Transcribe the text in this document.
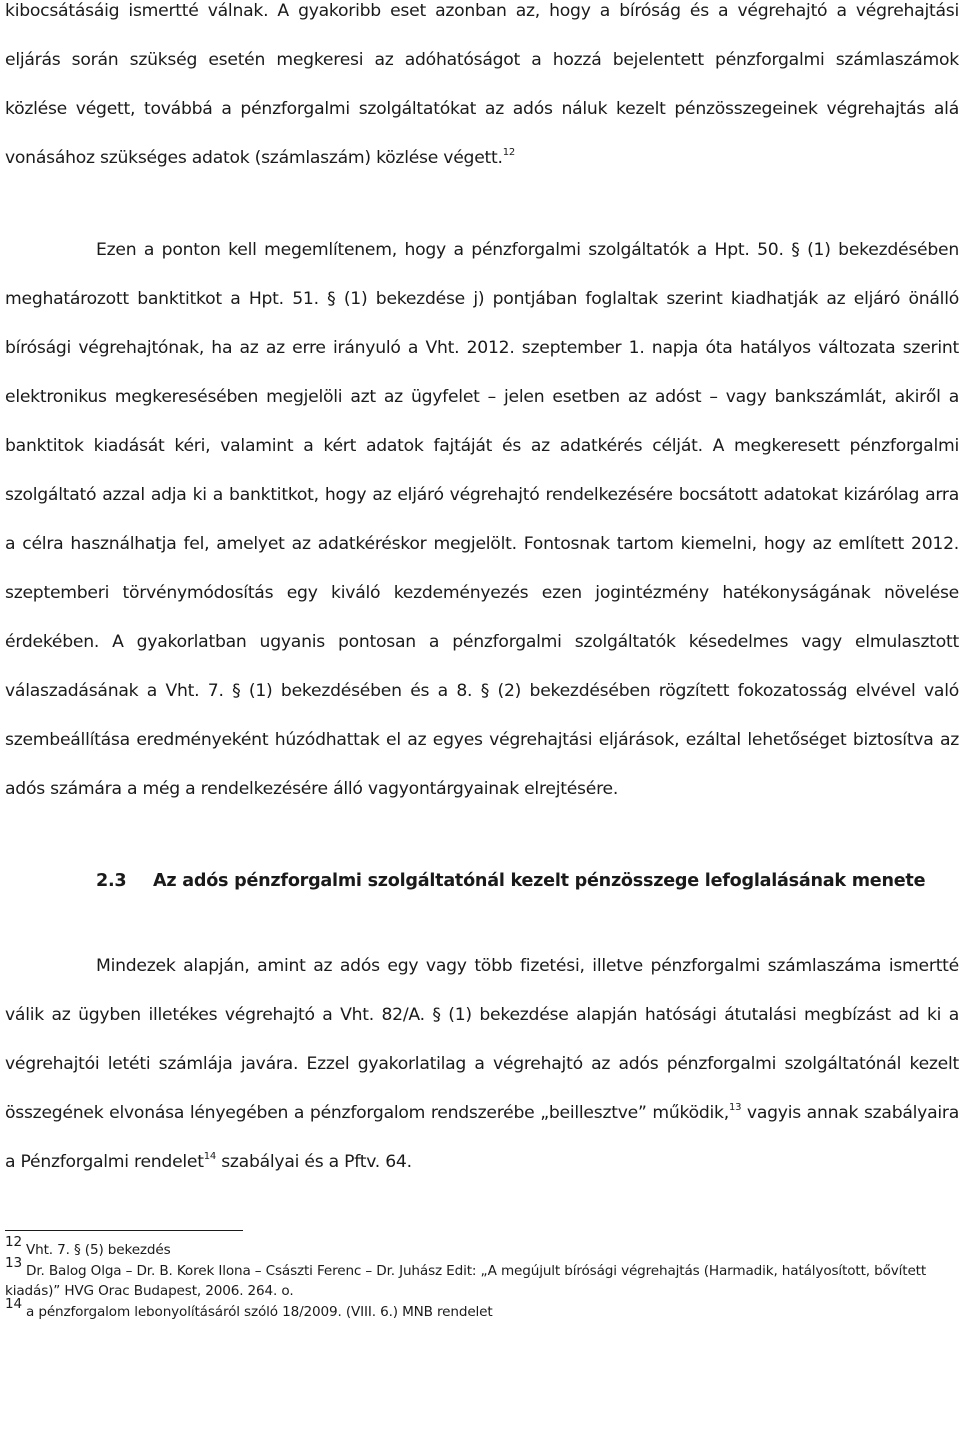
kibocsátásáig ismertté válnak. A gyakoribb eset azonban az, hogy a bíróság és a végrehajtó a végrehajtási eljárás során szükség esetén megkeresi az adóhatóságot a hozzá bejelentett pénzforgalmi számlaszámok közlése végett, továbbá a pénzforgalmi szolgáltatókat az adós náluk kezelt pénzösszegeinek végrehajtás alá vonásához szükséges adatok (számlaszám) közlése végett.$^{12}$

Ezen a ponton kell megemlítenem, hogy a pénzforgalmi szolgáltatók a Hpt. 50. § (1) bekezdésében meghatározott banktitkot a Hpt. 51. § (1) bekezdése j) pontjában foglaltak szerint kiadhatják az eljáró önálló bírósági végrehajtónak, ha az az erre irányuló a Vht. 2012. szeptember 1. napja óta hatályos változata szerint elektronikus megkeresésében megjelöli azt az ügyfelet – jelen esetben az adóst – vagy bankszámlát, akiről a banktitok kiadását kéri, valamint a kért adatok fajtáját és az adatkérés célját. A megkeresett pénzforgalmi szolgáltató azzal adja ki a banktitkot, hogy az eljáró végrehajtó rendelkezésére bocsátott adatokat kizárólag arra a célra használhatja fel, amelyet az adatkéréskor megjelölt. Fontosnak tartom kiemelni, hogy az említett 2012. szeptemberi törvénymódosítás egy kiváló kezdeményezés ezen jogintézmény hatékonyságának növelése érdekében. A gyakorlatban ugyanis pontosan a pénzforgalmi szolgáltatók késedelmes vagy elmulasztott válaszadásának a Vht. 7. § (1) bekezdésében és a 8. § (2) bekezdésében rögzített fokozatosság elvével való szembeállítása eredményeként húzódhattak el az egyes végrehajtási eljárások, ezáltal lehetőséget biztosítva az adós számára a még a rendelkezésére álló vagyontárgyainak elrejtésére.

2.3 Az adós pénzforgalmi szolgáltatónál kezelt pénzösszege lefoglalásának menete

Mindezek alapján, amint az adós egy vagy több fizetési, illetve pénzforgalmi számlaszáma ismertté válik az ügyben illetékes végrehajtó a Vht. 82/A. § (1) bekezdése alapján hatósági átutalási megbízást ad ki a végrehajtói letéti számlája javára. Ezzel gyakorlatilag a végrehajtó az adós pénzforgalmi szolgáltatónál kezelt összegének elvonása lényegében a pénzforgalom rendszerébe „beillesztve” működik,$^{13}$ vagyis annak szabályaira a Pénzforgalmi rendelet$^{14}$ szabályai és a Pftv. 64.

12 Vht. 7. § (5) bekezdés

13 Dr. Balog Olga – Dr. B. Korek Ilona – Császti Ferenc – Dr. Juhász Edit: „A megújult bírósági végrehajtás (Harmadik, hatályosított, bővített kiadás)” HVG Orac Budapest, 2006. 264. o.

14 a pénzforgalom lebonyolításáról szóló 18/2009. (VIII. 6.) MNB rendelet
